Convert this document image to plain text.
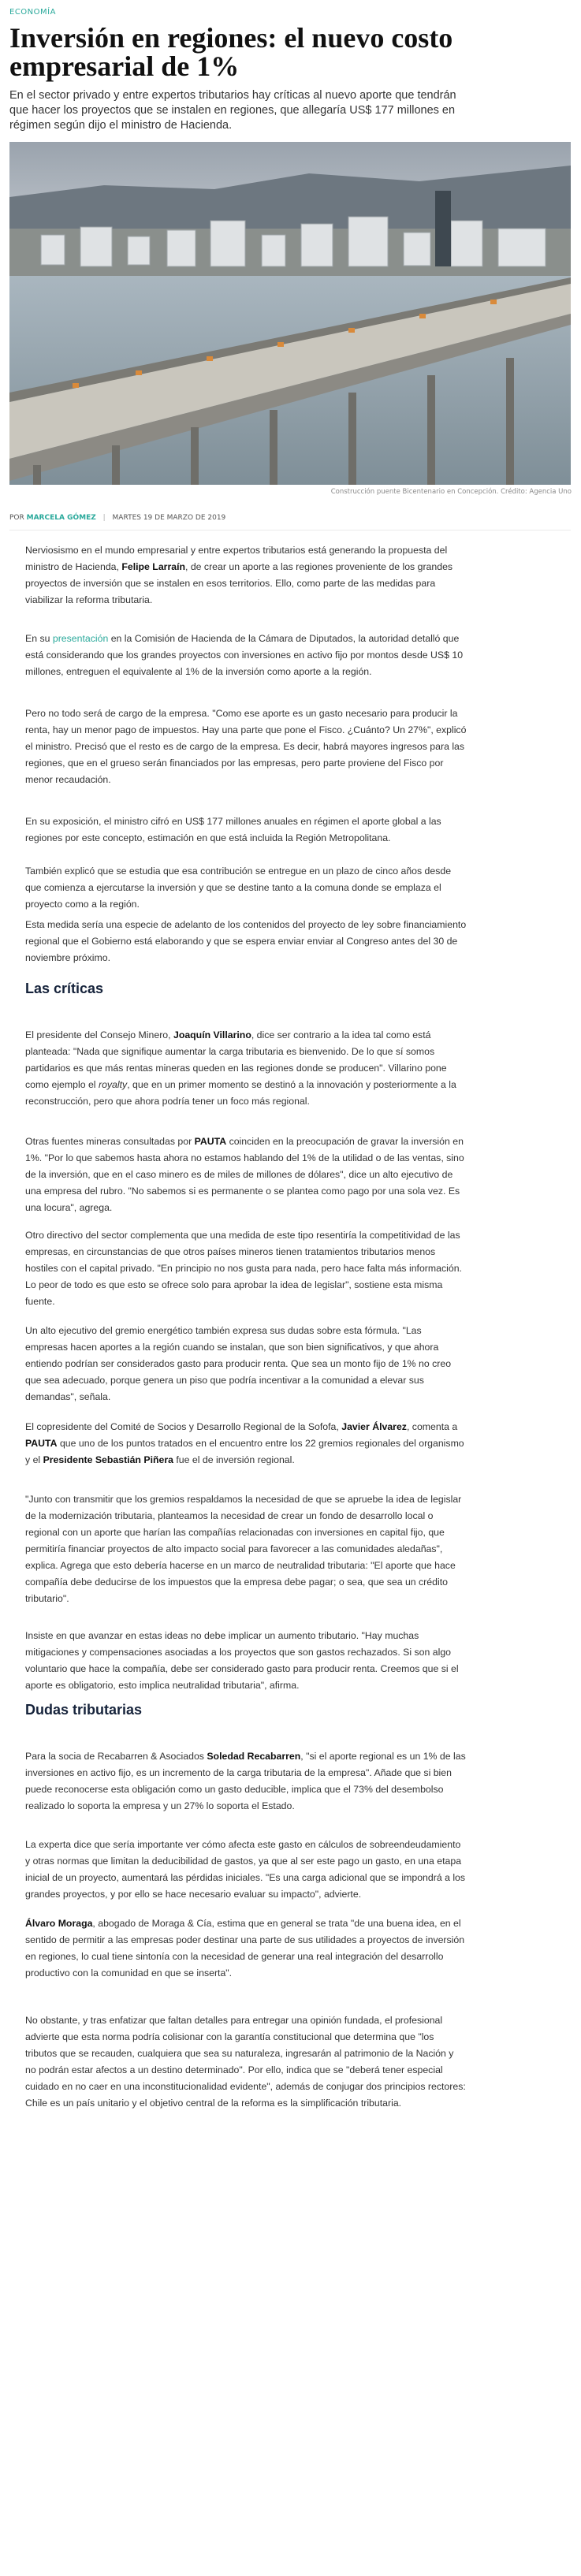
ECONOMÍA
Inversión en regiones: el nuevo costo empresarial de 1%

En el sector privado y entre expertos tributarios hay críticas al nuevo aporte que tendrán que hacer los proyectos que se instalen en regiones, que allegaría US$ 177 millones en régimen según dijo el ministro de Hacienda.

Construcción puente Bicentenario en Concepción. Crédito: Agencia Uno
POR MARCELA GÓMEZ | MARTES 19 DE MARZO DE 2019

Nerviosismo en el mundo empresarial y entre expertos tributarios está generando la propuesta del ministro de Hacienda, Felipe Larraín, de crear un aporte a las regiones proveniente de los grandes proyectos de inversión que se instalen en esos territorios. Ello, como parte de las medidas para viabilizar la reforma tributaria.

En su presentación en la Comisión de Hacienda de la Cámara de Diputados, la autoridad detalló que está considerando que los grandes proyectos con inversiones en activo fijo por montos desde US$ 10 millones, entreguen el equivalente al 1% de la inversión como aporte a la región.

Pero no todo será de cargo de la empresa. "Como ese aporte es un gasto necesario para producir la renta, hay un menor pago de impuestos. Hay una parte que pone el Fisco. ¿Cuánto? Un 27%", explicó el ministro. Precisó que el resto es de cargo de la empresa. Es decir, habrá mayores ingresos para las regiones, que en el grueso serán financiados por las empresas, pero parte proviene del Fisco por menor recaudación.

En su exposición, el ministro cifró en US$ 177 millones anuales en régimen el aporte global a las regiones por este concepto, estimación en que está incluida la Región Metropolitana.

También explicó que se estudia que esa contribución se entregue en un plazo de cinco años desde que comienza a ejercutarse la inversión y que se destine tanto a la comuna donde se emplaza el proyecto como a la región.

Esta medida sería una especie de adelanto de los contenidos del proyecto de ley sobre financiamiento regional que el Gobierno está elaborando y que se espera enviar enviar al Congreso antes del 30 de noviembre próximo.

Las críticas

El presidente del Consejo Minero, Joaquín Villarino, dice ser contrario a la idea tal como está planteada: "Nada que signifique aumentar la carga tributaria es bienvenido. De lo que sí somos partidarios es que más rentas mineras queden en las regiones donde se producen". Villarino pone como ejemplo el royalty, que en un primer momento se destinó a la innovación y posteriormente a la reconstrucción, pero que ahora podría tener un foco más regional.

Otras fuentes mineras consultadas por PAUTA coinciden en la preocupación de gravar la inversión en 1%. "Por lo que sabemos hasta ahora no estamos hablando del 1% de la utilidad o de las ventas, sino de la inversión, que en el caso minero es de miles de millones de dólares", dice un alto ejecutivo de una empresa del rubro. "No sabemos si es permanente o se plantea como pago por una sola vez. Es una locura", agrega.

Otro directivo del sector complementa que una medida de este tipo resentiría la competitividad de las empresas, en circunstancias de que otros países mineros tienen tratamientos tributarios menos hostiles con el capital privado. "En principio no nos gusta para nada, pero hace falta más información. Lo peor de todo es que esto se ofrece solo para aprobar la idea de legislar", sostiene esta misma fuente.

Un alto ejecutivo del gremio energético también expresa sus dudas sobre esta fórmula. "Las empresas hacen aportes a la región cuando se instalan, que son bien significativos, y que ahora entiendo podrían ser considerados gasto para producir renta. Que sea un monto fijo de 1% no creo que sea adecuado, porque genera un piso que podría incentivar a la comunidad a elevar sus demandas", señala.

El copresidente del Comité de Socios y Desarrollo Regional de la Sofofa, Javier Álvarez, comenta a PAUTA que uno de los puntos tratados en el encuentro entre los 22 gremios regionales del organismo y el Presidente Sebastián Piñera fue el de inversión regional.

"Junto con transmitir que los gremios respaldamos la necesidad de que se apruebe la idea de legislar de la modernización tributaria, planteamos la necesidad de crear un fondo de desarrollo local o regional con un aporte que harían las compañías relacionadas con inversiones en capital fijo, que permitiría financiar proyectos de alto impacto social para favorecer a las comunidades aledañas", explica. Agrega que esto debería hacerse en un marco de neutralidad tributaria: "El aporte que hace compañía debe deducirse de los impuestos que la empresa debe pagar; o sea, que sea un crédito tributario".

Insiste en que avanzar en estas ideas no debe implicar un aumento tributario. "Hay muchas mitigaciones y compensaciones asociadas a los proyectos que son gastos rechazados. Si son algo voluntario que hace la compañía, debe ser considerado gasto para producir renta. Creemos que si el aporte es obligatorio, esto implica neutralidad tributaria", afirma.

Dudas tributarias

Para la socia de Recabarren & Asociados Soledad Recabarren, "si el aporte regional es un 1% de las inversiones en activo fijo, es un incremento de la carga tributaria de la empresa". Añade que si bien puede reconocerse esta obligación como un gasto deducible, implica que el 73% del desembolso realizado lo soporta la empresa y un 27% lo soporta el Estado.

La experta dice que sería importante ver cómo afecta este gasto en cálculos de sobreendeudamiento y otras normas que limitan la deducibilidad de gastos, ya que al ser este pago un gasto, en una etapa inicial de un proyecto, aumentará las pérdidas iniciales. "Es una carga adicional que se impondrá a los grandes proyectos, y por ello se hace necesario evaluar su impacto", advierte.

Álvaro Moraga, abogado de Moraga & Cía, estima que en general se trata "de una buena idea, en el sentido de permitir a las empresas poder destinar una parte de sus utilidades a proyectos de inversión en regiones, lo cual tiene sintonía con la necesidad de generar una real integración del desarrollo productivo con la comunidad en que se inserta".

No obstante, y tras enfatizar que faltan detalles para entregar una opinión fundada, el profesional advierte que esta norma podría colisionar con la garantía constitucional que determina que "los tributos que se recauden, cualquiera que sea su naturaleza, ingresarán al patrimonio de la Nación y no podrán estar afectos a un destino determinado". Por ello, indica que se "deberá tener especial cuidado en no caer en una inconstitucionalidad evidente", además de conjugar dos principios rectores: Chile es un país unitario y el objetivo central de la reforma es la simplificación tributaria.
